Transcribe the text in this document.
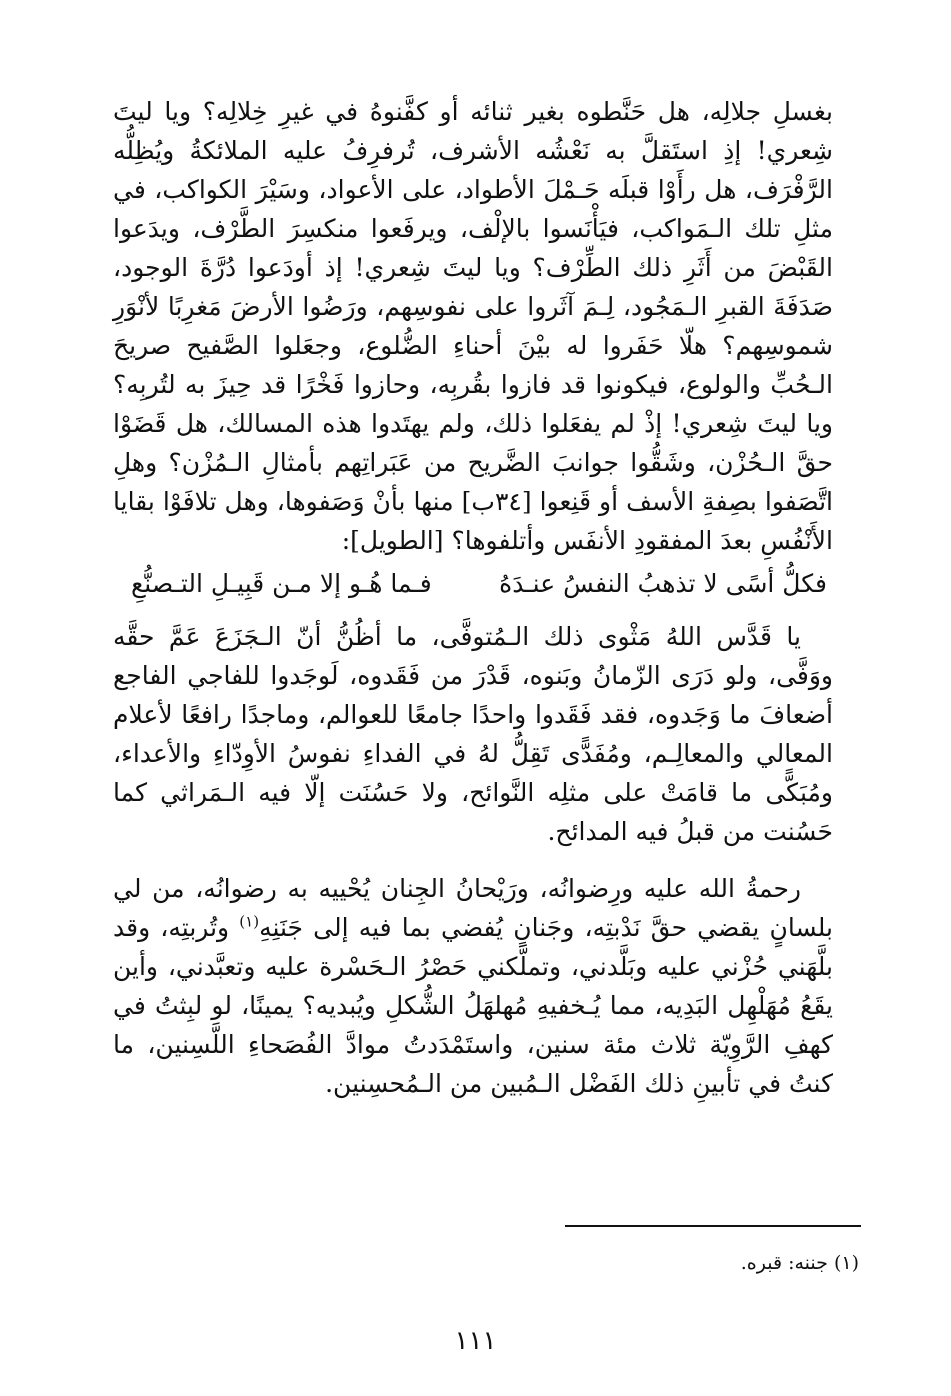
بغسلِ جلالِه، هل حَنَّطوه بغير ثنائه أو كفَّنوهُ في غيرِ خِلالِه؟ ويا ليتَ شِعري! إذِ استَقلَّ به نَعْشُه الأشرف، تُرفرِفُ عليه الملائكةُ ويُظِلُّه الرَّفْرَف، هل رأَوْا قبلَه حَـمْلَ الأطواد، على الأعواد، وسَيْرَ الكواكب، في مثلِ تلك الـمَواكب، فيَأْنَسوا بالإلْف، ويرفَعوا منكسِرَ الطَّرْف، ويدَعوا القَبْضَ من أَثَرِ ذلك الطِّرْف؟ ويا ليتَ شِعري! إذ أودَعوا دُرَّةَ الوجود، صَدَفَةَ القبرِ الـمَجُود، لِـمَ آثَروا على نفوسِهم، ورَضُوا الأرضَ مَغرِبًا لأنْوَرِ شموسِهم؟ هلّا حَفَروا له بيْنَ أحناءِ الضُّلوع، وجعَلوا الصَّفيح صريحَ الـحُبِّ والولوع، فيكونوا قد فازوا بقُربِه، وحازوا فَخْرًا قد حِيزَ به لتُربِه؟ ويا ليتَ شِعري! إذْ لم يفعَلوا ذلك، ولم يهتَدوا هذه المسالك، هل قَضَوْا حقَّ الـحُزْن، وشَقُّوا جوانبَ الضَّريح من عَبَراتِهم بأمثالِ الـمُزْن؟ وهلِ اتَّصَفوا بصِفةِ الأسف أو قَنِعوا [٣٤ب] منها بأنْ وَصَفوها، وهل تلافَوْا بقايا الأَنْفُسِ بعدَ المفقودِ الأنفَس وأتلفوها؟ [الطويل]:

فكلُّ أسًى لا تذهبُ النفسُ عنـدَهُ
فـما هُـو إلا مـن قَبِيـلِ التـصنُّعِ

يا قَدَّس اللهُ مَثْوى ذلك الـمُتوفَّى، ما أظُنُّ أنّ الـجَزَعَ عَمَّ حقَّه ووَفَّى، ولو دَرَى الزّمانُ وبَنوه، قَدْرَ من فَقَدوه، لَوجَدوا للفاجي الفاجع أضعافَ ما وَجَدوه، فقد فَقَدوا واحدًا جامعًا للعوالم، وماجدًا رافعًا لأعلام المعالي والمعالِـم، ومُفَدًّى تَقِلُّ لهُ في الفداءِ نفوسُ الأوِدّاءِ والأعداء، ومُبَكًّى ما قامَتْ على مثلِه النَّوائح، ولا حَسُنَت إلّا فيه الـمَراثي كما حَسُنت من قبلُ فيه المدائح.

رحمةُ الله عليه ورِضوانُه، ورَيْحانُ الجِنان يُحْييه به رضوانُه، من لي بلسانٍ يقضي حقَّ نَدْبتِه، وجَنانٍ يُفضي بما فيه إلى جَنَنِهِ$^{(١)}$ وتُربتِه، وقد بلَّهَني حُزْني عليه وبَلَّدني، وتملَّكني حَصْرُ الـحَسْرة عليه وتعبَّدني، وأين يقَعُ مُهَلْهِل البَدِيه، مما يُـخفيهِ مُهلهَلُ الشُّكلِ ويُبديه؟ يمينًا، لو لبِثتُ في كهفِ الرَّوِيّة ثلاث مئة سنين، واستَمْدَدتُ موادَّ الفُصَحاءِ اللَّسِنين، ما كنتُ في تأبينِ ذلك الفَضْل الـمُبين من الـمُحسِنين.

(١) جننه: قبره.
١١١
